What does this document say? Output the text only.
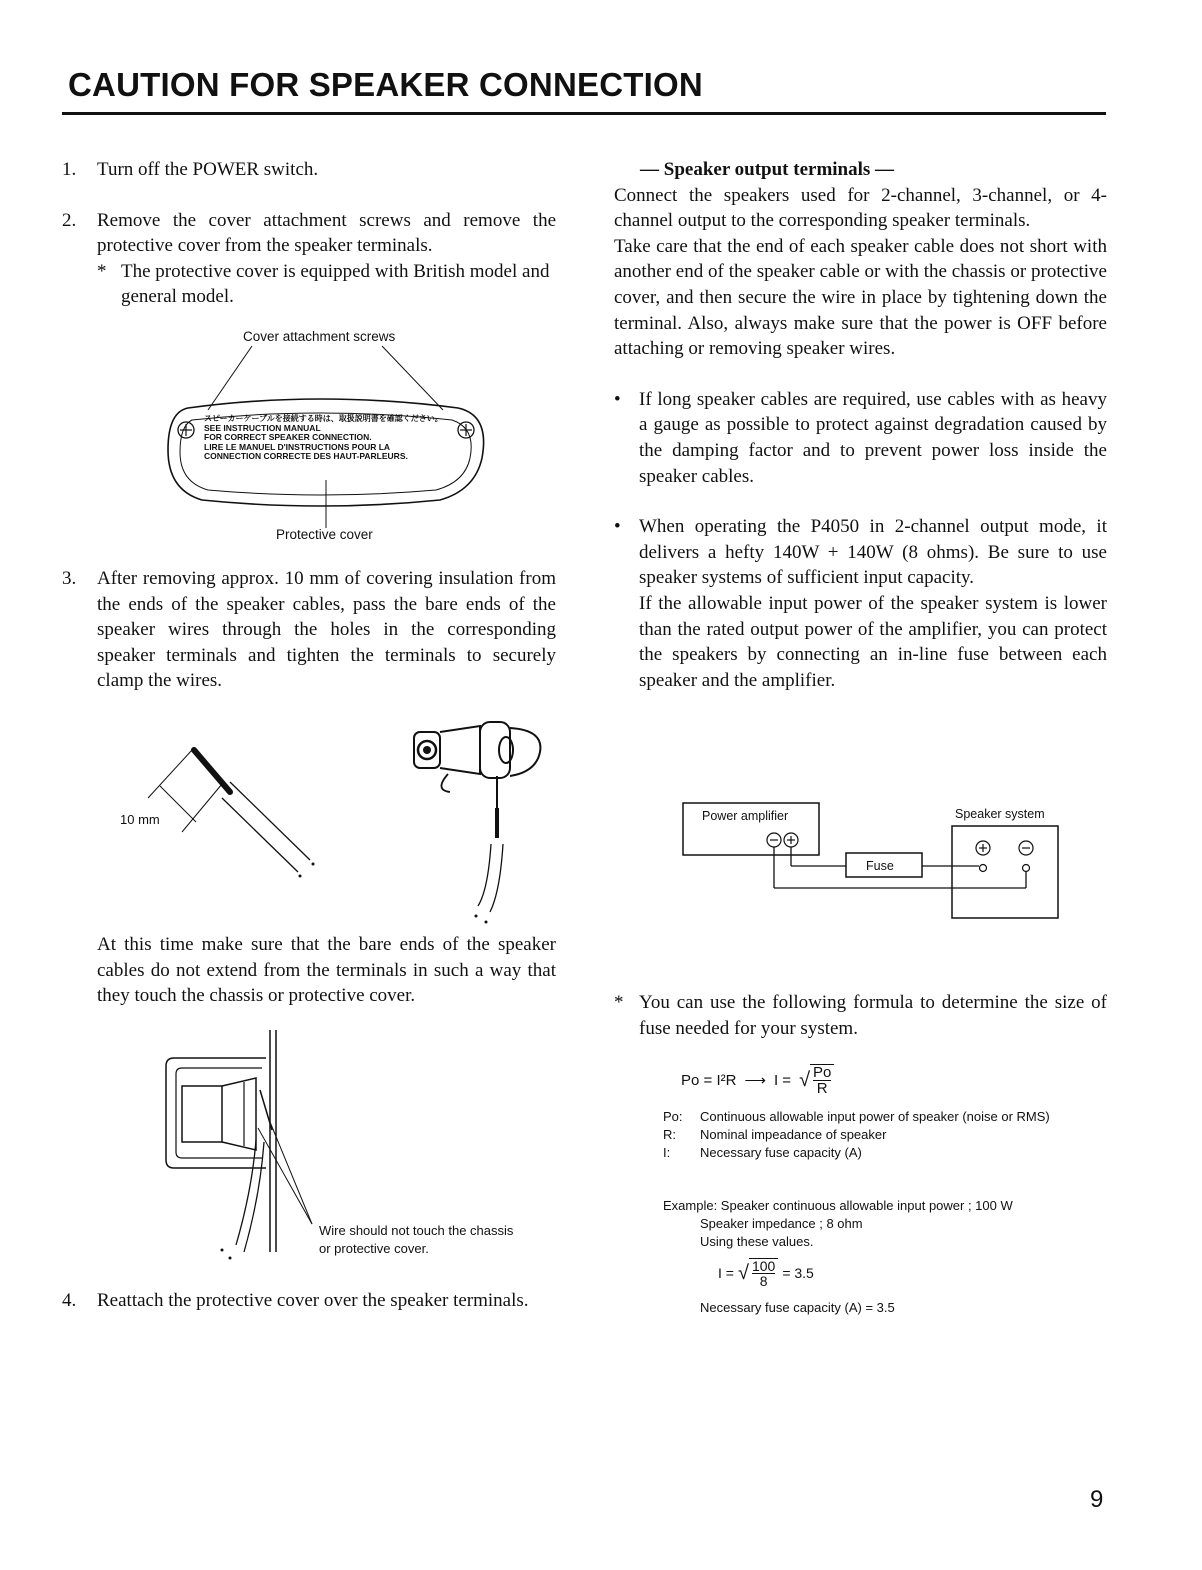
CAUTION FOR SPEAKER CONNECTION
1.	Turn off the POWER switch.
2.	Remove the cover attachment screws and remove the protective cover from the speaker terminals.
* The protective cover is equipped with British model and general model.
Cover attachment screws
スピーカーケーブルを接続する時は、取扱説明書を確認ください。
SEE INSTRUCTION MANUAL
FOR CORRECT SPEAKER CONNECTION.
LIRE LE MANUEL D'INSTRUCTIONS POUR LA
CONNECTION CORRECTE DES HAUT-PARLEURS.
Protective cover
3.	After removing approx. 10 mm of covering insulation from the ends of the speaker cables, pass the bare ends of the speaker wires through the holes in the corresponding speaker terminals and tighten the terminals to securely clamp the wires.
10 mm

At this time make sure that the bare ends of the speaker cables do not extend from the terminals in such a way that they touch the chassis or protective cover.

Wire should not touch the chassis
or protective cover.
4.	Reattach the protective cover over the speaker terminals.
— Speaker output terminals —

Connect the speakers used for 2-channel, 3-channel, or 4-channel output to the corresponding speaker terminals.

Take care that the end of each speaker cable does not short with another end of the speaker cable or with the chassis or protective cover, and then secure the wire in place by tightening down the terminal. Also, always make sure that the power is OFF before attaching or removing speaker wires.

• If long speaker cables are required, use cables with as heavy a gauge as possible to protect against degradation caused by the damping factor and to prevent power loss inside the speaker cables.
• When operating the P4050 in 2-channel output mode, it delivers a hefty 140W + 140W (8 ohms). Be sure to use speaker systems of sufficient input capacity.
If the allowable input power of the speaker system is lower than the rated output power of the amplifier, you can protect the speakers by connecting an in-line fuse between each speaker and the amplifier.
Power amplifier	Speaker system
Fuse
* You can use the following formula to determine the size of fuse needed for your system.
Po = I²R ⟶ I = √ $\frac{Po}{R}$
Po:	Continuous allowable input power of speaker (noise or RMS)
R:	Nominal impeadance of speaker
I:	Necessary fuse capacity (A)
Example: Speaker continuous allowable input power ; 100 W
Speaker impedance ; 8 ohm
Using these values.
I = √ $\frac{100}{8} = 3.5$
Necessary fuse capacity (A) = 3.5
9
